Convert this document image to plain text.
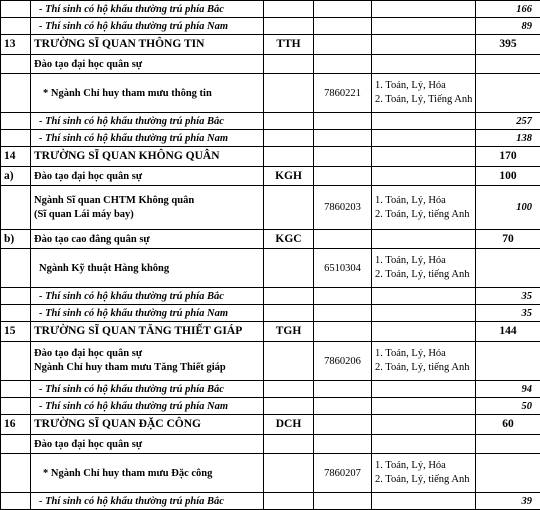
	- Thí sinh có hộ khẩu thường trú phía Bắc				166
	- Thí sinh có hộ khẩu thường trú phía Nam				89
13	TRƯỜNG SĨ QUAN THÔNG TIN	TTH			395
	Đào tạo đại học quân sự				
	* Ngành Chỉ huy tham mưu thông tin		7860221	1. Toán, Lý, Hóa
2. Toán, Lý, Tiếng Anh	

	- Thí sinh có hộ khẩu thường trú phía Bắc				257
	- Thí sinh có hộ khẩu thường trú phía Nam				138
14	TRƯỜNG SĨ QUAN KHÔNG QUÂN				170
a)	Đào tạo đại học quân sự	KGH			100

	Ngành Sĩ quan CHTM Không quân
(Sĩ quan Lái máy bay)		7860203	1. Toán, Lý, Hóa
2. Toán, Lý, tiếng Anh	100
b)	Đào tạo cao đẳng quân sự	KGC			70
	Ngành Kỹ thuật Hàng không		6510304	1. Toán, Lý, Hóa
2. Toán, Lý, tiếng Anh	

	- Thí sinh có hộ khẩu thường trú phía Bắc				35
	- Thí sinh có hộ khẩu thường trú phía Nam				35
15	TRƯỜNG SĨ QUAN TĂNG THIẾT GIÁP	TGH			144

	Đào tạo đại học quân sự
Ngành Chỉ huy tham mưu Tăng Thiết giáp		7860206	1. Toán, Lý, Hóa
2. Toán, Lý, tiếng Anh	

	- Thí sinh có hộ khẩu thường trú phía Bắc				94
	- Thí sinh có hộ khẩu thường trú phía Nam				50
16	TRƯỜNG SĨ QUAN ĐẶC CÔNG	DCH			60
	Đào tạo đại học quân sự				
	* Ngành Chỉ huy tham mưu Đặc công		7860207	1. Toán, Lý, Hóa
2. Toán, Lý, tiếng Anh	

	- Thí sinh có hộ khẩu thường trú phía Bắc				39
